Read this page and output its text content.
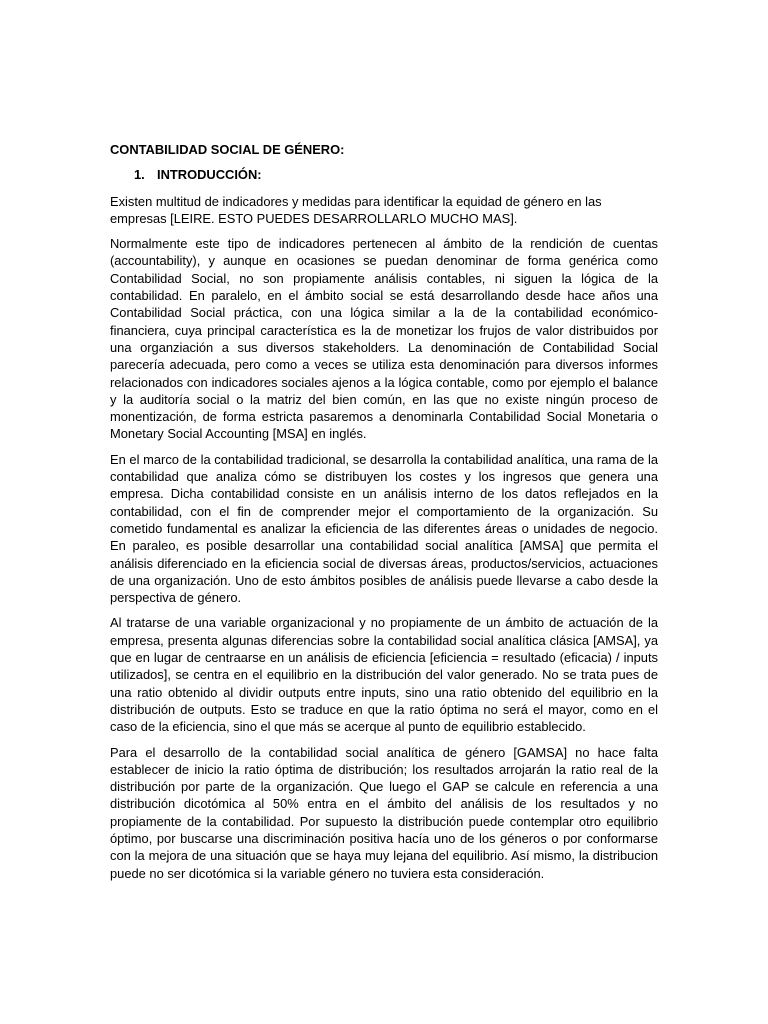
CONTABILIDAD SOCIAL DE GÉNERO:

1. INTRODUCCIÓN:

Existen multitud de indicadores y medidas para identificar la equidad de género en las empresas [LEIRE. ESTO PUEDES DESARROLLARLO MUCHO MAS].

Normalmente este tipo de indicadores pertenecen al ámbito de la rendición de cuentas (accountability), y aunque en ocasiones se puedan denominar de forma genérica como Contabilidad Social, no son propiamente análisis contables, ni siguen la lógica de la contabilidad. En paralelo, en el ámbito social se está desarrollando desde hace años una Contabilidad Social práctica, con una lógica similar a la de la contabilidad económico-financiera, cuya principal característica es la de monetizar los frujos de valor distribuidos por una organziación a sus diversos stakeholders. La denominación de Contabilidad Social parecería adecuada, pero como a veces se utiliza esta denominación para diversos informes relacionados con indicadores sociales ajenos a la lógica contable, como por ejemplo el balance y la auditoría social o la matriz del bien común, en las que no existe ningún proceso de monentización, de forma estricta pasaremos a denominarla Contabilidad Social Monetaria o Monetary Social Accounting [MSA] en inglés.

En el marco de la contabilidad tradicional, se desarrolla la contabilidad analítica, una rama de la contabilidad que analiza cómo se distribuyen los costes y los ingresos que genera una empresa. Dicha contabilidad consiste en un análisis interno de los datos reflejados en la contabilidad, con el fin de comprender mejor el comportamiento de la organización. Su cometido fundamental es analizar la eficiencia de las diferentes áreas o unidades de negocio. En paraleo, es posible desarrollar una contabilidad social analítica [AMSA] que permita el análisis diferenciado en la eficiencia social de diversas áreas, productos/servicios, actuaciones de una organización. Uno de esto ámbitos posibles de análisis puede llevarse a cabo desde la perspectiva de género.

Al tratarse de una variable organizacional y no propiamente de un ámbito de actuación de la empresa, presenta algunas diferencias sobre la contabilidad social analítica clásica [AMSA], ya que en lugar de centraarse en un análisis de eficiencia [eficiencia = resultado (eficacia) / inputs utilizados], se centra en el equilibrio en la distribución del valor generado. No se trata pues de una ratio obtenido al dividir outputs entre inputs, sino una ratio obtenido del equilibrio en la distribución de outputs. Esto se traduce en que la ratio óptima no será el mayor, como en el caso de la eficiencia, sino el que más se acerque al punto de equilibrio establecido.

Para el desarrollo de la contabilidad social analítica de género [GAMSA] no hace falta establecer de inicio la ratio óptima de distribución; los resultados arrojarán la ratio real de la distribución por parte de la organización. Que luego el GAP se calcule en referencia a una distribución dicotómica al 50% entra en el ámbito del análisis de los resultados y no propiamente de la contabilidad. Por supuesto la distribución puede contemplar otro equilibrio óptimo, por buscarse una discriminación positiva hacía uno de los géneros o por conformarse con la mejora de una situación que se haya muy lejana del equilibrio. Así mismo, la distribucion puede no ser dicotómica si la variable género no tuviera esta consideración.
